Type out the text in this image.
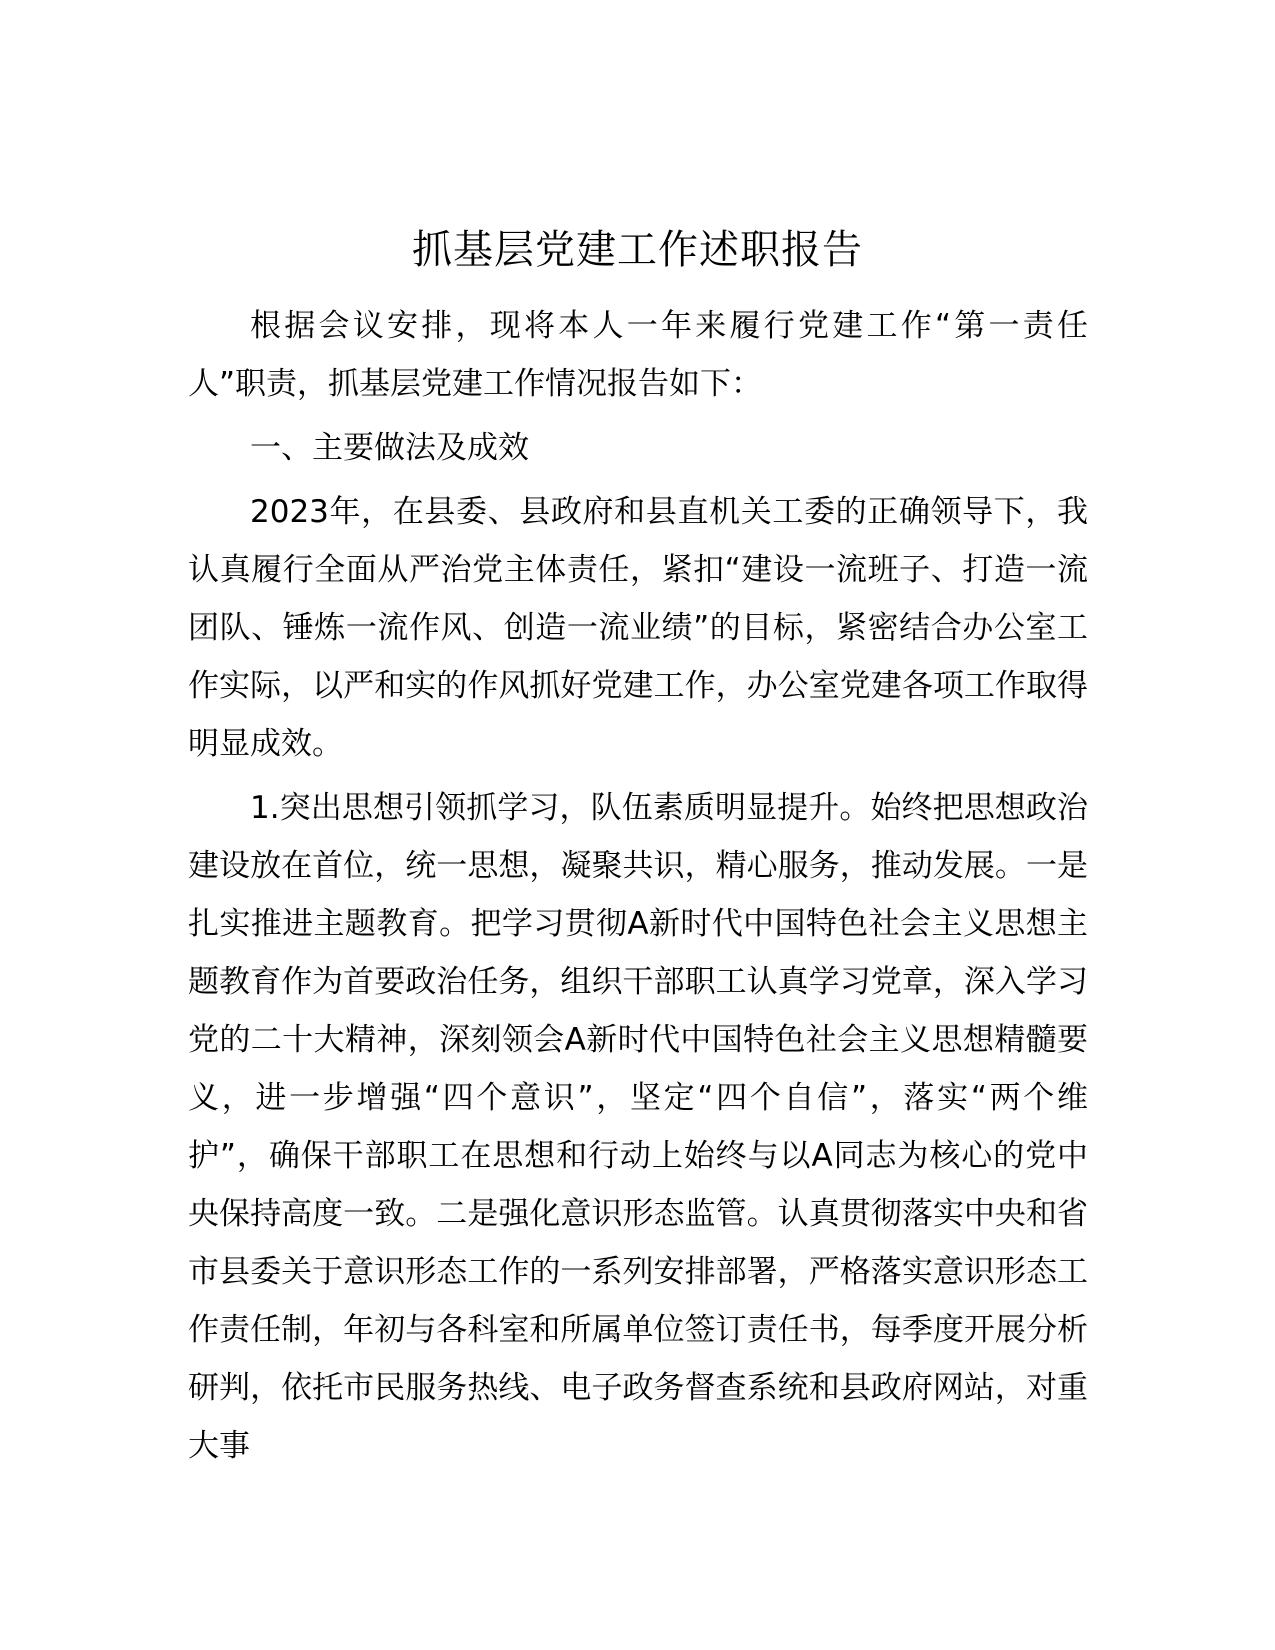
抓基层党建工作述职报告

根据会议安排，现将本人一年来履行党建工作“第一责任人”职责，抓基层党建工作情况报告如下：

一、主要做法及成效

2023年，在县委、县政府和县直机关工委的正确领导下，我认真履行全面从严治党主体责任，紧扣“建设一流班子、打造一流团队、锤炼一流作风、创造一流业绩”的目标，紧密结合办公室工作实际，以严和实的作风抓好党建工作，办公室党建各项工作取得明显成效。

1.突出思想引领抓学习，队伍素质明显提升。始终把思想政治建设放在首位，统一思想，凝聚共识，精心服务，推动发展。一是扎实推进主题教育。把学习贯彻A新时代中国特色社会主义思想主题教育作为首要政治任务，组织干部职工认真学习党章，深入学习党的二十大精神，深刻领会A新时代中国特色社会主义思想精髓要义，进一步增强“四个意识”，坚定“四个自信”，落实“两个维护”，确保干部职工在思想和行动上始终与以A同志为核心的党中央保持高度一致。二是强化意识形态监管。认真贯彻落实中央和省市县委关于意识形态工作的一系列安排部署，严格落实意识形态工作责任制，年初与各科室和所属单位签订责任书，每季度开展分析研判，依托市民服务热线、电子政务督查系统和县政府网站，对重大事
